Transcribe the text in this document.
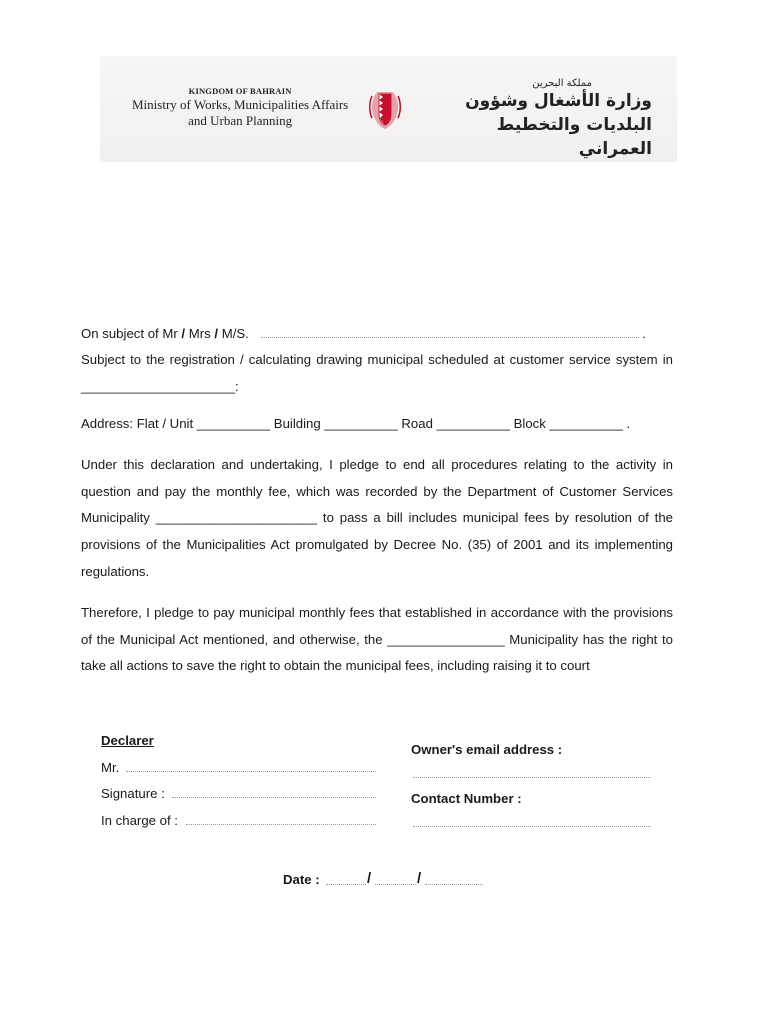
KINGDOM OF BAHRAIN
Ministry of Works, Municipalities Affairs
and Urban Planning
مملكة البحرين
وزارة الأشغال وشؤون البلديات والتخطيط العمراني
On subject of Mr / Mrs / M/S.	.
Subject to the registration / calculating drawing municipal scheduled at customer service system in _____________________:
Address: Flat / Unit __________ Building __________ Road __________ Block __________ .
Under this declaration and undertaking, I pledge to end all procedures relating to the activity in question and pay the monthly fee, which was recorded by the Department of Customer Services Municipality ______________________ to pass a bill includes municipal fees by resolution of the provisions of the Municipalities Act promulgated by Decree No. (35) of 2001 and its implementing regulations.
Therefore, I pledge to pay municipal monthly fees that established in accordance with the provisions of the Municipal Act mentioned, and otherwise, the ________________ Municipality has the right to take all actions to save the right to obtain the municipal fees, including raising it to court
Declarer
Mr.
Signature :
In charge of :
Owner's email address :
Contact Number :
Date :	/	/
